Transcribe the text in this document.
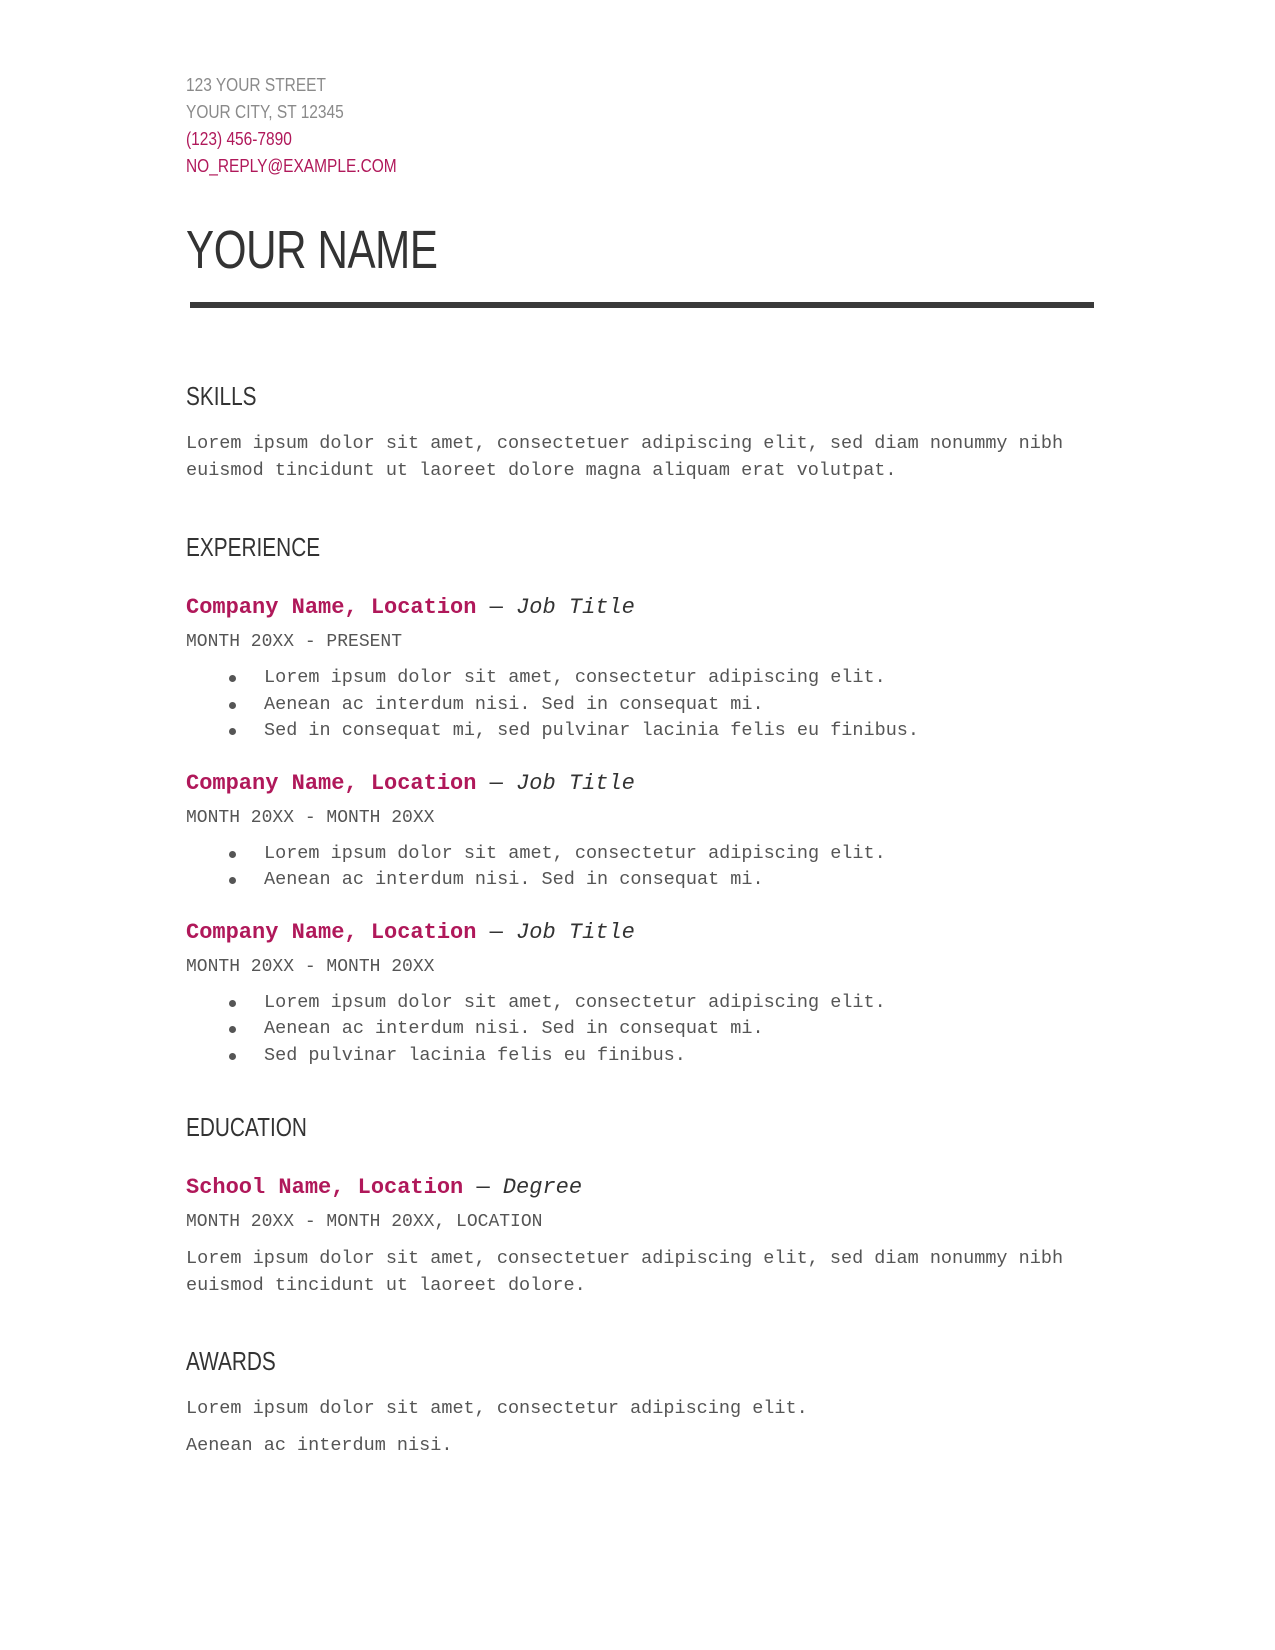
123 YOUR STREET
YOUR CITY, ST 12345
(123) 456-7890
NO_REPLY@EXAMPLE.COM
YOUR NAME
SKILLS

Lorem ipsum dolor sit amet, consectetuer adipiscing elit, sed diam nonummy nibh euismod tincidunt ut laoreet dolore magna aliquam erat volutpat.

EXPERIENCE
Company Name, Location — Job Title
MONTH 20XX - PRESENT
Lorem ipsum dolor sit amet, consectetur adipiscing elit.
Aenean ac interdum nisi. Sed in consequat mi.
Sed in consequat mi, sed pulvinar lacinia felis eu finibus.
Company Name, Location — Job Title
MONTH 20XX - MONTH 20XX
Lorem ipsum dolor sit amet, consectetur adipiscing elit.
Aenean ac interdum nisi. Sed in consequat mi.
Company Name, Location — Job Title
MONTH 20XX - MONTH 20XX
Lorem ipsum dolor sit amet, consectetur adipiscing elit.
Aenean ac interdum nisi. Sed in consequat mi.
Sed pulvinar lacinia felis eu finibus.
EDUCATION
School Name, Location — Degree
MONTH 20XX - MONTH 20XX, LOCATION

Lorem ipsum dolor sit amet, consectetuer adipiscing elit, sed diam nonummy nibh euismod tincidunt ut laoreet dolore.

AWARDS

Lorem ipsum dolor sit amet, consectetur adipiscing elit.

Aenean ac interdum nisi.
